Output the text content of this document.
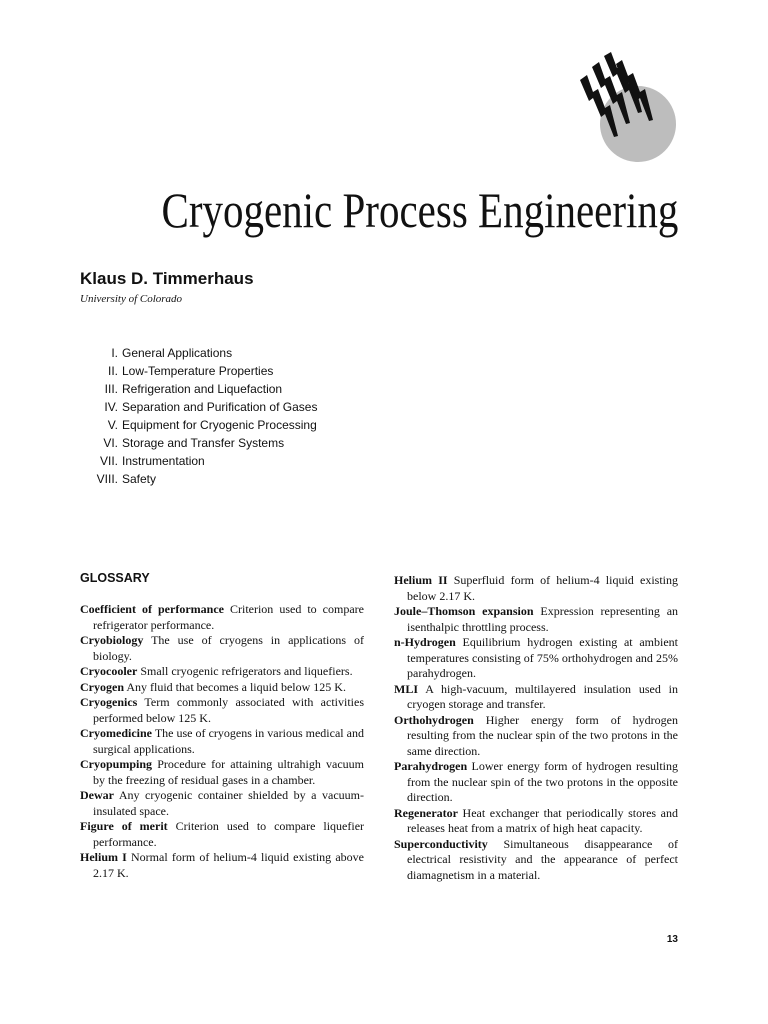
Cryogenic Process Engineering
Klaus D. Timmerhaus
University of Colorado
I. General Applications
II. Low-Temperature Properties
III. Refrigeration and Liquefaction
IV. Separation and Purification of Gases
V. Equipment for Cryogenic Processing
VI. Storage and Transfer Systems
VII. Instrumentation
VIII. Safety
GLOSSARY

Coefficient of performance Criterion used to compare refrigerator performance.

Cryobiology The use of cryogens in applications of biology.

Cryocooler Small cryogenic refrigerators and liquefiers.

Cryogen Any fluid that becomes a liquid below 125 K.

Cryogenics Term commonly associated with activities performed below 125 K.

Cryomedicine The use of cryogens in various medical and surgical applications.

Cryopumping Procedure for attaining ultrahigh vacuum by the freezing of residual gases in a chamber.

Dewar Any cryogenic container shielded by a vacuum-insulated space.

Figure of merit Criterion used to compare liquefier performance.

Helium I Normal form of helium-4 liquid existing above 2.17 K.

Helium II Superfluid form of helium-4 liquid existing below 2.17 K.

Joule–Thomson expansion Expression representing an isenthalpic throttling process.

n-Hydrogen Equilibrium hydrogen existing at ambient temperatures consisting of 75% orthohydrogen and 25% parahydrogen.

MLI A high-vacuum, multilayered insulation used in cryogen storage and transfer.

Orthohydrogen Higher energy form of hydrogen resulting from the nuclear spin of the two protons in the same direction.

Parahydrogen Lower energy form of hydrogen resulting from the nuclear spin of the two protons in the opposite direction.

Regenerator Heat exchanger that periodically stores and releases heat from a matrix of high heat capacity.

Superconductivity Simultaneous disappearance of electrical resistivity and the appearance of perfect diamagnetism in a material.

13
